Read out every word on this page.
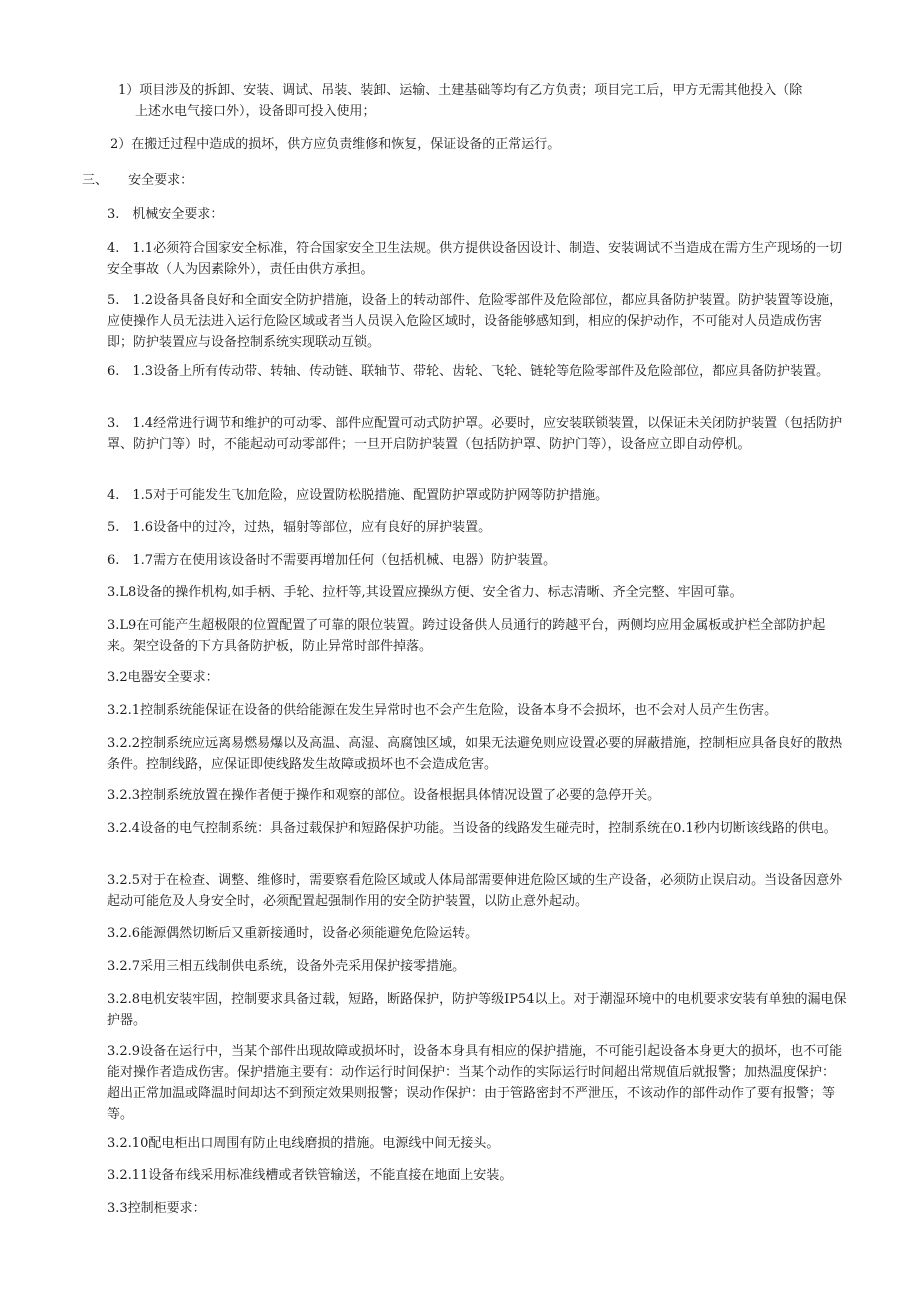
1）项目涉及的拆卸、安装、调试、吊装、装卸、运输、土建基础等均有乙方负责；项目完工后，甲方无需其他投入（除
上述水电气接口外），设备即可投入使用；

2）在搬迁过程中造成的损坏，供方应负责维修和恢复，保证设备的正常运行。

三、 安全要求：

3.　机械安全要求：

4.　1.1必须符合国家安全标准，符合国家安全卫生法规。供方提供设备因设计、制造、安装调试不当造成在需方生产现场的一切安全事故（人为因素除外），责任由供方承担。

5.　1.2设备具备良好和全面安全防护措施，设备上的转动部件、危险零部件及危险部位，都应具备防护装置。防护装置等设施，应使操作人员无法进入运行危险区域或者当人员误入危险区域时，设备能够感知到，相应的保护动作，不可能对人员造成伤害即；防护装置应与设备控制系统实现联动互锁。

6.　1.3设备上所有传动带、转轴、传动链、联轴节、带轮、齿轮、飞轮、链轮等危险零部件及危险部位，都应具备防护装置。

3.　1.4经常进行调节和维护的可动零、部件应配置可动式防护罩。必要时，应安装联锁装置，以保证未关闭防护装置（包括防护罩、防护门等）时，不能起动可动零部件；一旦开启防护装置（包括防护罩、防护门等），设备应立即自动停机。

4.　1.5对于可能发生飞加危险，应设置防松脱措施、配置防护罩或防护网等防护措施。

5.　1.6设备中的过冷，过热，辐射等部位，应有良好的屏护装置。

6.　1.7需方在使用该设备时不需要再增加任何（包括机械、电器）防护装置。

3.L8设备的操作机构,如手柄、手轮、拉杆等,其设置应操纵方便、安全省力、标志清晰、齐全完整、牢固可靠。

3.L9在可能产生超极限的位置配置了可靠的限位装置。跨过设备供人员通行的跨越平台，两侧均应用金属板或护栏全部防护起来。架空设备的下方具备防护板，防止异常时部件掉落。

3.2电器安全要求：

3.2.1控制系统能保证在设备的供给能源在发生异常时也不会产生危险，设备本身不会损坏，也不会对人员产生伤害。

3.2.2控制系统应远离易燃易爆以及高温、高湿、高腐蚀区域，如果无法避免则应设置必要的屏蔽措施，控制柜应具备良好的散热条件。控制线路，应保证即使线路发生故障或损坏也不会造成危害。

3.2.3控制系统放置在操作者便于操作和观察的部位。设备根据具体情况设置了必要的急停开关。

3.2.4设备的电气控制系统：具备过载保护和短路保护功能。当设备的线路发生碰壳时，控制系统在0.1秒内切断该线路的供电。

3.2.5对于在检查、调整、维修时，需要察看危险区域或人体局部需要伸进危险区域的生产设备，必须防止误启动。当设备因意外起动可能危及人身安全时，必须配置起强制作用的安全防护装置，以防止意外起动。

3.2.6能源偶然切断后又重新接通时，设备必须能避免危险运转。

3.2.7采用三相五线制供电系统，设备外壳采用保护接零措施。

3.2.8电机安装牢固，控制要求具备过载，短路，断路保护，防护等级IP54以上。对于潮湿环境中的电机要求安装有单独的漏电保护器。

3.2.9设备在运行中，当某个部件出现故障或损坏时，设备本身具有相应的保护措施，不可能引起设备本身更大的损坏，也不可能能对操作者造成伤害。保护措施主要有：动作运行时间保护：当某个动作的实际运行时间超出常规值后就报警；加热温度保护：超出正常加温或降温时间却达不到预定效果则报警；误动作保护：由于管路密封不严泄压，不该动作的部件动作了要有报警；等等。

3.2.10配电柜出口周围有防止电线磨损的措施。电源线中间无接头。

3.2.11设备布线采用标准线槽或者铁管输送，不能直接在地面上安装。

3.3控制柜要求：
